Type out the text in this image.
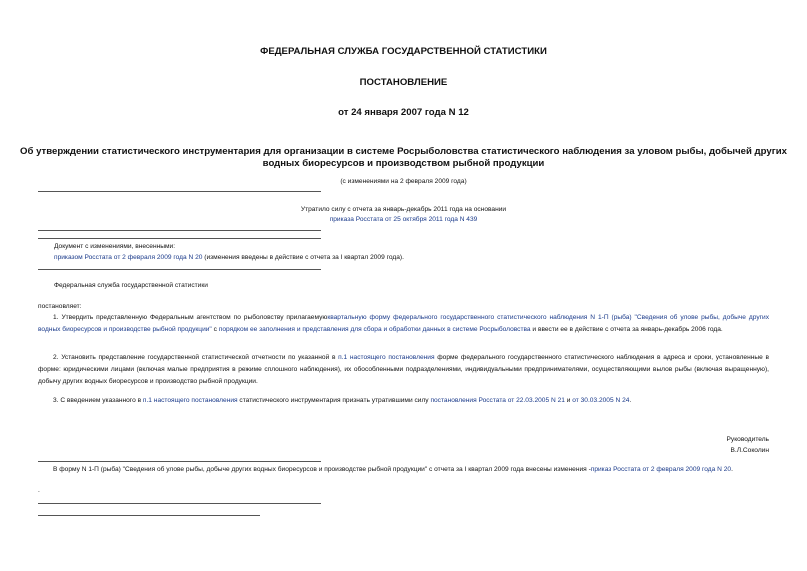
ФЕДЕРАЛЬНАЯ СЛУЖБА ГОСУДАРСТВЕННОЙ СТАТИСТИКИ
ПОСТАНОВЛЕНИЕ
от 24 января 2007 года N 12
Об утверждении статистического инструментария для организации в системе Росрыболовства статистического наблюдения за уловом рыбы, добычей других
водных биоресурсов и производством рыбной продукции
(с изменениями на 2 февраля 2009 года)
Утратило силу с отчета за январь-декабрь 2011 года на основании
приказа Росстата от 25 октября 2011 года N 439
Документ с изменениями, внесенными:
приказом Росстата от 2 февраля 2009 года N 20 (изменения введены в действие с отчета за I квартал 2009 года).
Федеральная служба государственной статистики
постановляет:
1. Утвердить представленную Федеральным агентством по рыболовству прилагаемуюквартальную форму федерального государственного статистического наблюдения N 1-П (рыба) "Сведения об улове рыбы, добыче других водных биоресурсов и производстве рыбной продукции" с порядком ее заполнения и представления для сбора и обработки данных в системе Росрыболовства и ввести ее в действие с отчета за январь-декабрь 2006 года.
2. Установить представление государственной статистической отчетности по указанной в п.1 настоящего постановления форме федерального государственного статистического наблюдения в адреса и сроки, установленные в форме: юридическими лицами (включая малые предприятия в режиме сплошного наблюдения), их обособленными подразделениями, индивидуальными предпринимателями, осуществляющими вылов рыбы (включая выращенную), добычу других водных биоресурсов и производство рыбной продукции.
3. С введением указанного в п.1 настоящего постановления статистического инструментария признать утратившими силу постановления Росстата от 22.03.2005 N 21 и от 30.03.2005 N 24.
Руководитель
В.Л.Соколин
В форму N 1-П (рыба) "Сведения об улове рыбы, добыче других водных биоресурсов и производстве рыбной продукции" с отчета за I квартал 2009 года внесены изменения -приказ Росстата от 2 февраля 2009 года N 20.
.
